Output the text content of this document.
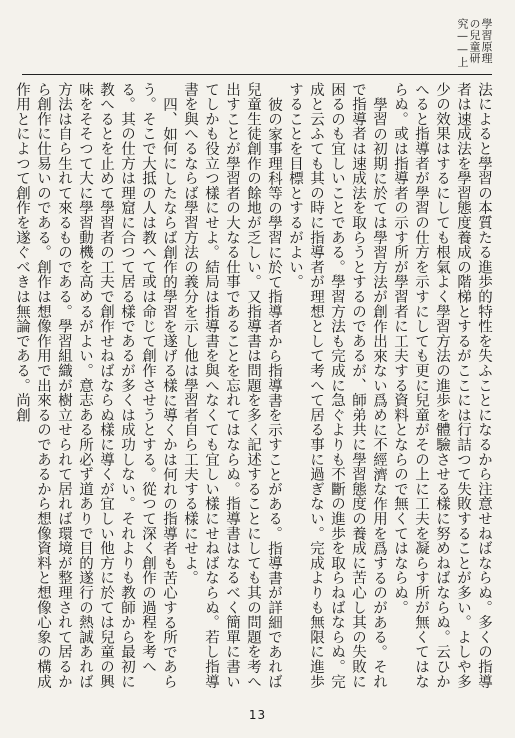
學習原理の兒童研究——上

法によると學習の本質たる進歩的特性を失ふことになるから注意せねばならぬ。多くの指導者は速成法を學習態度養成の階梯とするがここには行詰つて失敗することが多い。よしや多少の效果はするにしても根氣よく學習方法の進歩を體驗させる樣に努めねばならぬ。云ひかへると指導者が學習の仕方を示すにしても更に兒童がその上に工夫を凝らす所が無くてはならぬ。或は指導者の示す所が學習者に工夫する資料とならので無くてはならぬ。

學習の初期に於ては學習方法が創作出來ない爲めに不經濟な作用を爲するのがある。それで指導者は速成法を取らうとするのであるが、師弟共に學習態度の養成に苦心し其の失敗に困るのも宜しいことである。學習方法も完成に急ぐよりも不斷の進歩を取らねばならぬ。完成と云ふても其の時に指導者が理想として考へて居る事に過ぎない。完成よりも無限に進歩することを目標とするがよい。

彼の家事理科等の學習に於て指導者から指導書を示すことがある。指導書が詳細であれば兒童生徒創作の餘地が乏しい。又指導書は問題を多く記述することにしても其の問題を考へ出すことが學習者の大なる仕事であることを忘れてはならぬ。指導書はなるべく簡單に書いてしかも役立つ樣にせよ。結局は指導書を與へなくても宜しい樣にせねばならぬ。若し指導書を與へるならば學習方法の義分を示し他は學習者自ら工夫する樣にせよ。

四、如何にしたならば創作的學習を遂げる樣に導くかは何れの指導者も苦心する所であらう。そこで大抵の人は教へて或は命じて創作させうとする。從つて深く創作の過程を考へる。其の仕方は理窟に合つて居る樣であるが多くは成功しない。それよりも教師から最初に教へるとを止めて學習者の工夫で創作せねばならぬ樣に導くが宜しい他方に於ては兒童の興味をそそつて大に學習動機を高めるがよい。意志ある所必ず道ありで目的遂行の熱誠あれば方法は自ら生れて來るものである。學習組織が樹立せられて居れば環境が整理されて居るから創作に仕易いのである。創作は想像作用で出來るのであるから想像資料と想像心象の構成作用とによつて創作を遂ぐべきは無論である。尚創

13
